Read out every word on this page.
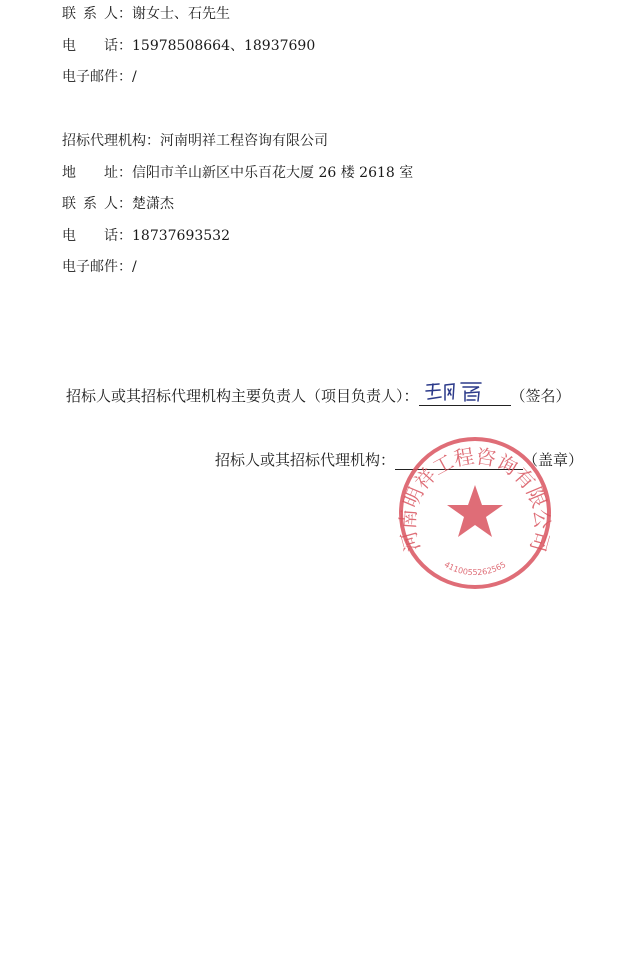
联 系 人：谢女士、石先生
电 话：15978508664、18937690
电子邮件：/
招标代理机构：河南明祥工程咨询有限公司
地 址：信阳市羊山新区中乐百花大厦 26 楼 2618 室
联 系 人：楚潇杰
电 话：18737693532
电子邮件：/
招标人或其招标代理机构主要负责人（项目负责人）：	（签名）
招标人或其招标代理机构：	（盖章）
河南明祥工程咨询有限公司
4110055262565
